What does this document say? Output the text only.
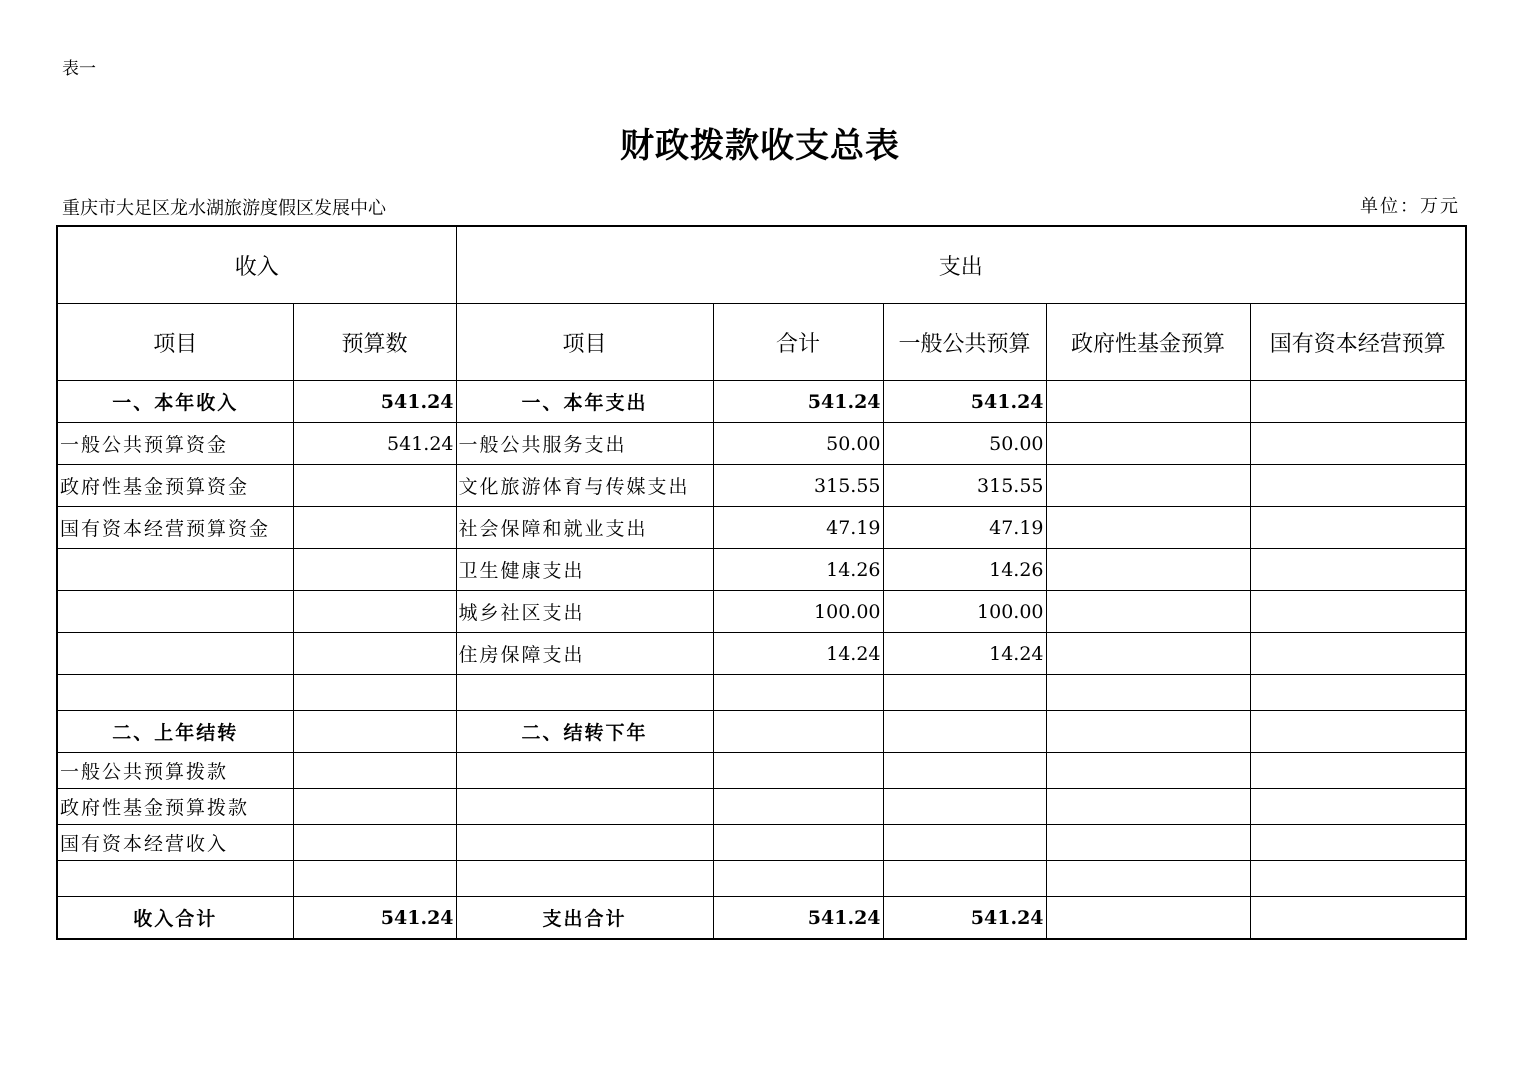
表一
财政拨款收支总表
重庆市大足区龙水湖旅游度假区发展中心	单位：万元
收入		支出				
项目	预算数	项目	合计	一般公共预算	政府性基金预算	国有资本经营预算
一、本年收入	541.24	一、本年支出	541.24	541.24		
一般公共预算资金	541.24	一般公共服务支出	50.00	50.00		
政府性基金预算资金		文化旅游体育与传媒支出	315.55	315.55		
国有资本经营预算资金		社会保障和就业支出	47.19	47.19		
		卫生健康支出	14.26	14.26		
		城乡社区支出	100.00	100.00		
		住房保障支出	14.24	14.24		

二、上年结转		二、结转下年				
一般公共预算拨款						
政府性基金预算拨款						
国有资本经营收入						

收入合计	541.24	支出合计	541.24	541.24		
